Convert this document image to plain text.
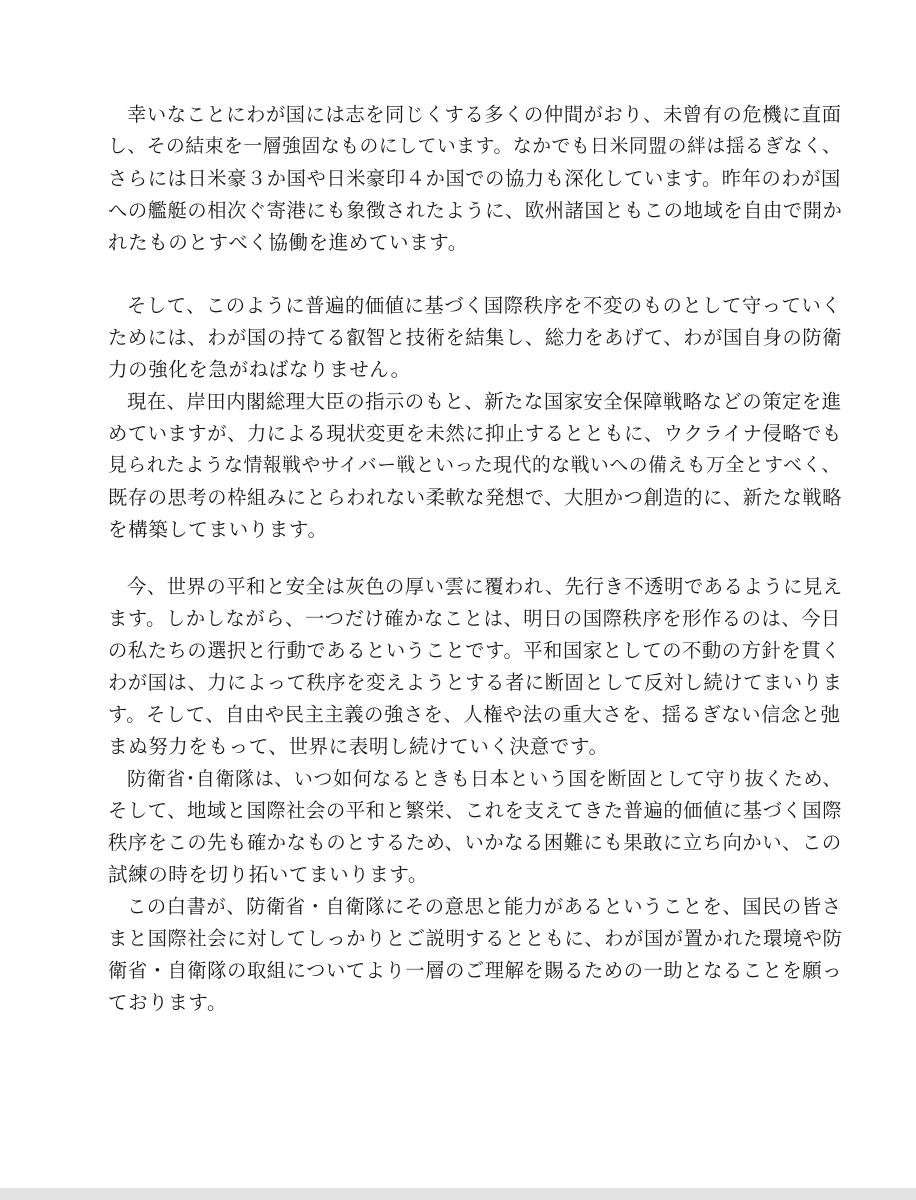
幸いなことにわが国には志を同じくする多くの仲間がおり、未曾有の危機に直面
し、その結束を一層強固なものにしています。なかでも日米同盟の絆は揺るぎなく、
さらには日米豪３か国や日米豪印４か国での協力も深化しています。昨年のわが国
への艦艇の相次ぐ寄港にも象徴されたように、欧州諸国ともこの地域を自由で開か
れたものとすべく協働を進めています。
そして、このように普遍的価値に基づく国際秩序を不変のものとして守っていく
ためには、わが国の持てる叡智と技術を結集し、総力をあげて、わが国自身の防衛
力の強化を急がねばなりません。
現在、岸田内閣総理大臣の指示のもと、新たな国家安全保障戦略などの策定を進
めていますが、力による現状変更を未然に抑止するとともに、ウクライナ侵略でも
見られたような情報戦やサイバー戦といった現代的な戦いへの備えも万全とすべく、
既存の思考の枠組みにとらわれない柔軟な発想で、大胆かつ創造的に、新たな戦略
を構築してまいります。
今、世界の平和と安全は灰色の厚い雲に覆われ、先行き不透明であるように見え
ます。しかしながら、一つだけ確かなことは、明日の国際秩序を形作るのは、今日
の私たちの選択と行動であるということです。平和国家としての不動の方針を貫く
わが国は、力によって秩序を変えようとする者に断固として反対し続けてまいりま
す。そして、自由や民主主義の強さを、人権や法の重大さを、揺るぎない信念と弛
まぬ努力をもって、世界に表明し続けていく決意です。
防衛省･自衛隊は、いつ如何なるときも日本という国を断固として守り抜くため、
そして、地域と国際社会の平和と繁栄、これを支えてきた普遍的価値に基づく国際
秩序をこの先も確かなものとするため、いかなる困難にも果敢に立ち向かい、この
試練の時を切り拓いてまいります。
この白書が、防衛省・自衛隊にその意思と能力があるということを、国民の皆さ
まと国際社会に対してしっかりとご説明するとともに、わが国が置かれた環境や防
衛省・自衛隊の取組についてより一層のご理解を賜るための一助となることを願っ
ております。
